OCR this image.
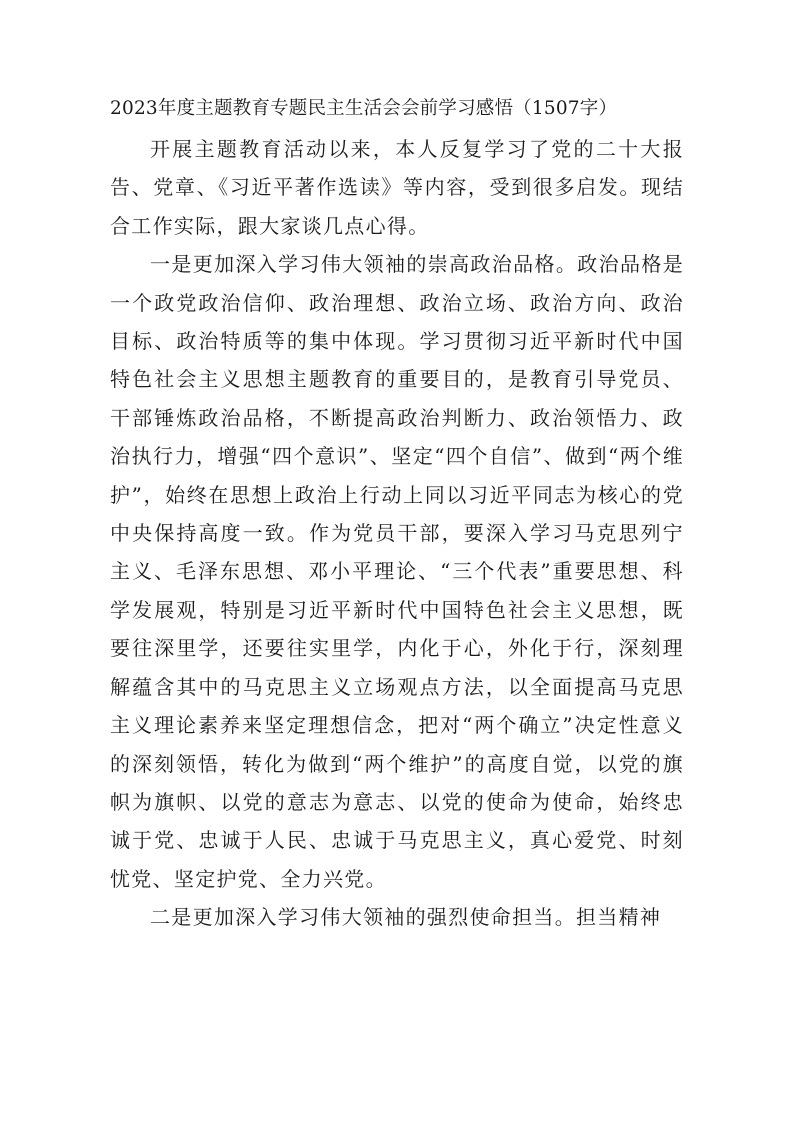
2023年度主题教育专题民主生活会会前学习感悟（1507字）

开展主题教育活动以来，本人反复学习了党的二十大报告、党章、《习近平著作选读》等内容，受到很多启发。现结合工作实际，跟大家谈几点心得。

一是更加深入学习伟大领袖的崇高政治品格。政治品格是一个政党政治信仰、政治理想、政治立场、政治方向、政治目标、政治特质等的集中体现。学习贯彻习近平新时代中国特色社会主义思想主题教育的重要目的，是教育引导党员、干部锤炼政治品格，不断提高政治判断力、政治领悟力、政治执行力，增强“四个意识”、坚定“四个自信”、做到“两个维护”，始终在思想上政治上行动上同以习近平同志为核心的党中央保持高度一致。作为党员干部，要深入学习马克思列宁主义、毛泽东思想、邓小平理论、“三个代表”重要思想、科学发展观，特别是习近平新时代中国特色社会主义思想，既要往深里学，还要往实里学，内化于心，外化于行，深刻理解蕴含其中的马克思主义立场观点方法，以全面提高马克思主义理论素养来坚定理想信念，把对“两个确立”决定性意义的深刻领悟，转化为做到“两个维护”的高度自觉，以党的旗帜为旗帜、以党的意志为意志、以党的使命为使命，始终忠诚于党、忠诚于人民、忠诚于马克思主义，真心爱党、时刻忧党、坚定护党、全力兴党。

二是更加深入学习伟大领袖的强烈使命担当。担当精神
